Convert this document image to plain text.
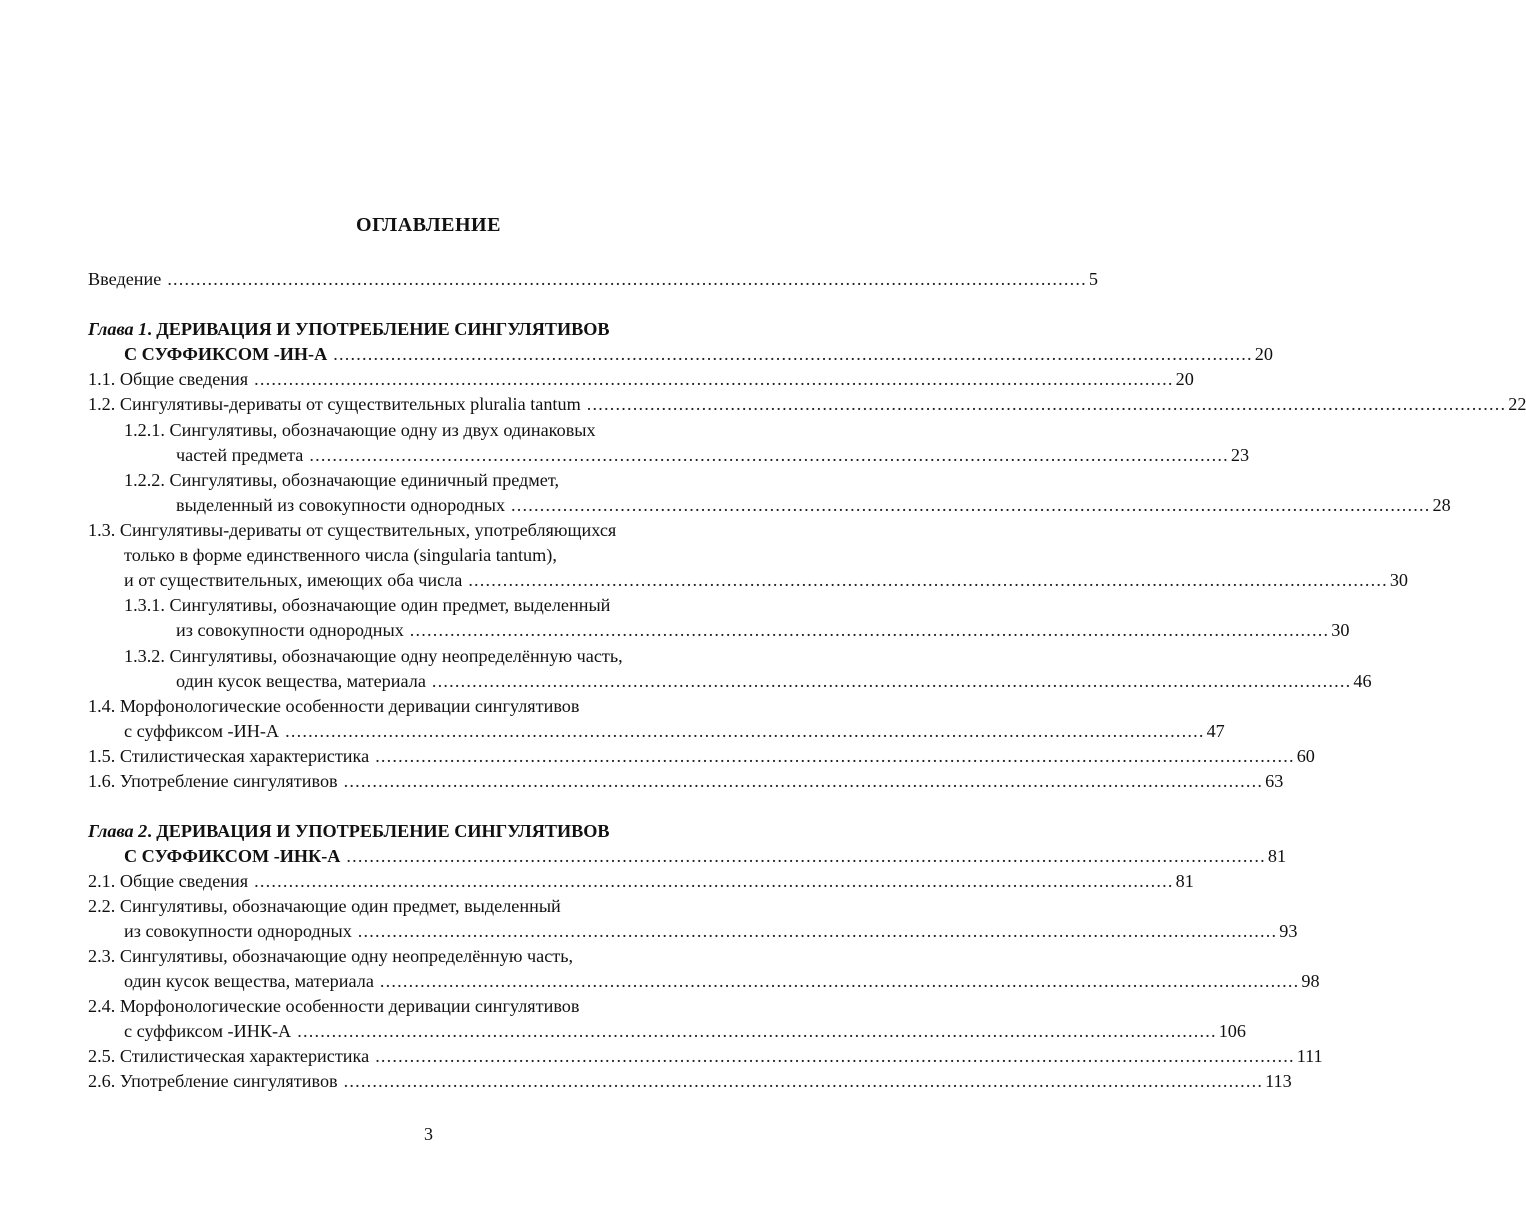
ОГЛАВЛЕНИЕ
Введение ................................................................................................................................................................ 5
Глава 1. ДЕРИВАЦИЯ И УПОТРЕБЛЕНИЕ СИНГУЛЯТИВОВ
С СУФФИКСОМ -ИН-А ................................................................................................................................................................ 20
1.1. Общие сведения ................................................................................................................................................................ 20
1.2. Сингулятивы-дериваты от существительных pluralia tantum ................................................................................................................................................................ 22
1.2.1. Сингулятивы, обозначающие одну из двух одинаковых
частей предмета ................................................................................................................................................................ 23
1.2.2. Сингулятивы, обозначающие единичный предмет,
выделенный из совокупности однородных ................................................................................................................................................................ 28
1.3. Сингулятивы-дериваты от существительных, употребляющихся
только в форме единственного числа (singularia tantum),
и от существительных, имеющих оба числа ................................................................................................................................................................ 30
1.3.1. Сингулятивы, обозначающие один предмет, выделенный
из совокупности однородных ................................................................................................................................................................ 30
1.3.2. Сингулятивы, обозначающие одну неопределённую часть,
один кусок вещества, материала ................................................................................................................................................................ 46
1.4. Морфонологические особенности деривации сингулятивов
с суффиксом -ИН-А ................................................................................................................................................................ 47
1.5. Стилистическая характеристика ................................................................................................................................................................ 60
1.6. Употребление сингулятивов ................................................................................................................................................................ 63
Глава 2. ДЕРИВАЦИЯ И УПОТРЕБЛЕНИЕ СИНГУЛЯТИВОВ
С СУФФИКСОМ -ИНК-А ................................................................................................................................................................ 81
2.1. Общие сведения ................................................................................................................................................................ 81
2.2. Сингулятивы, обозначающие один предмет, выделенный
из совокупности однородных ................................................................................................................................................................ 93
2.3. Сингулятивы, обозначающие одну неопределённую часть,
один кусок вещества, материала ................................................................................................................................................................ 98
2.4. Морфонологические особенности деривации сингулятивов
с суффиксом -ИНК-А ................................................................................................................................................................ 106
2.5. Стилистическая характеристика ................................................................................................................................................................ 111
2.6. Употребление сингулятивов ................................................................................................................................................................ 113
3
